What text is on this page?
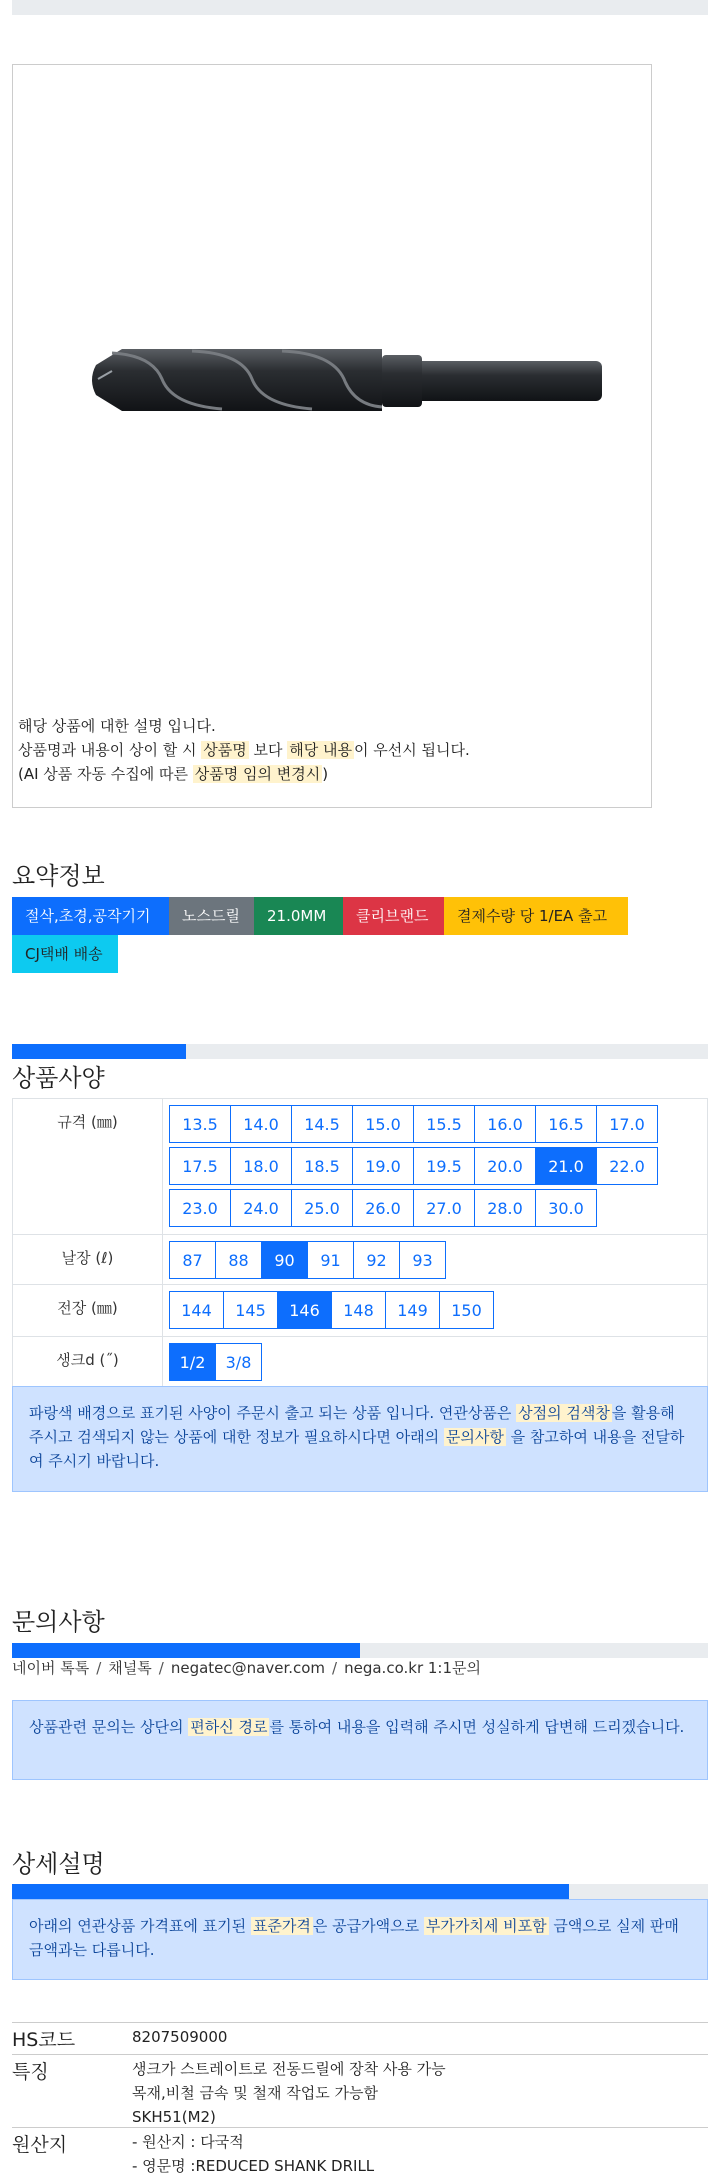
해당 상품에 대한 설명 입니다.
상품명과 내용이 상이 할 시 상품명 보다 해당 내용 이 우선시 됩니다.
(AI 상품 자동 수집에 따른 상품명 임의 변경시 )
요약정보
절삭,초경,공작기기	노스드릴	21.0MM	클리브랜드	결제수량 당 1/EA 출고
CJ택배 배송
상품사양
규격 (㎜)	13.5	14.0	14.5	15.0	15.5	16.0	16.5	17.0
17.5	18.0	18.5	19.0	19.5	20.0	21.0	22.0
23.0	24.0	25.0	26.0	27.0	28.0	30.0
날장 (ℓ)	87	88	90	91	92	93
전장 (㎜)	144	145	146	148	149	150
생크d (˝)	1/2	3/8
파랑색 배경으로 표기된 사양이 주문시 출고 되는 상품 입니다. 연관상품은 상점의 검색창 을 활용해 주시고 검색되지 않는 상품에 대한 정보가 필요하시다면 아래의 문의사항 을 참고하여 내용을 전달하여 주시기 바랍니다.
문의사항
네이버 톡톡 / 채널톡 / negatec@naver.com / nega.co.kr 1:1문의
상품관련 문의는 상단의 편하신 경로 를 통하여 내용을 입력해 주시면 성실하게 답변해 드리겠습니다.
상세설명
아래의 연관상품 가격표에 표기된 표준가격 은 공급가액으로 부가가치세 비포함 금액으로 실제 판매금액과는 다릅니다.
HS코드	8207509000
특징	생크가 스트레이트로 전동드릴에 장착 사용 가능
목재,비철 금속 및 철재 작업도 가능함
SKH51(M2)
원산지	- 원산지 : 다국적
- 영문명 :REDUCED SHANK DRILL
